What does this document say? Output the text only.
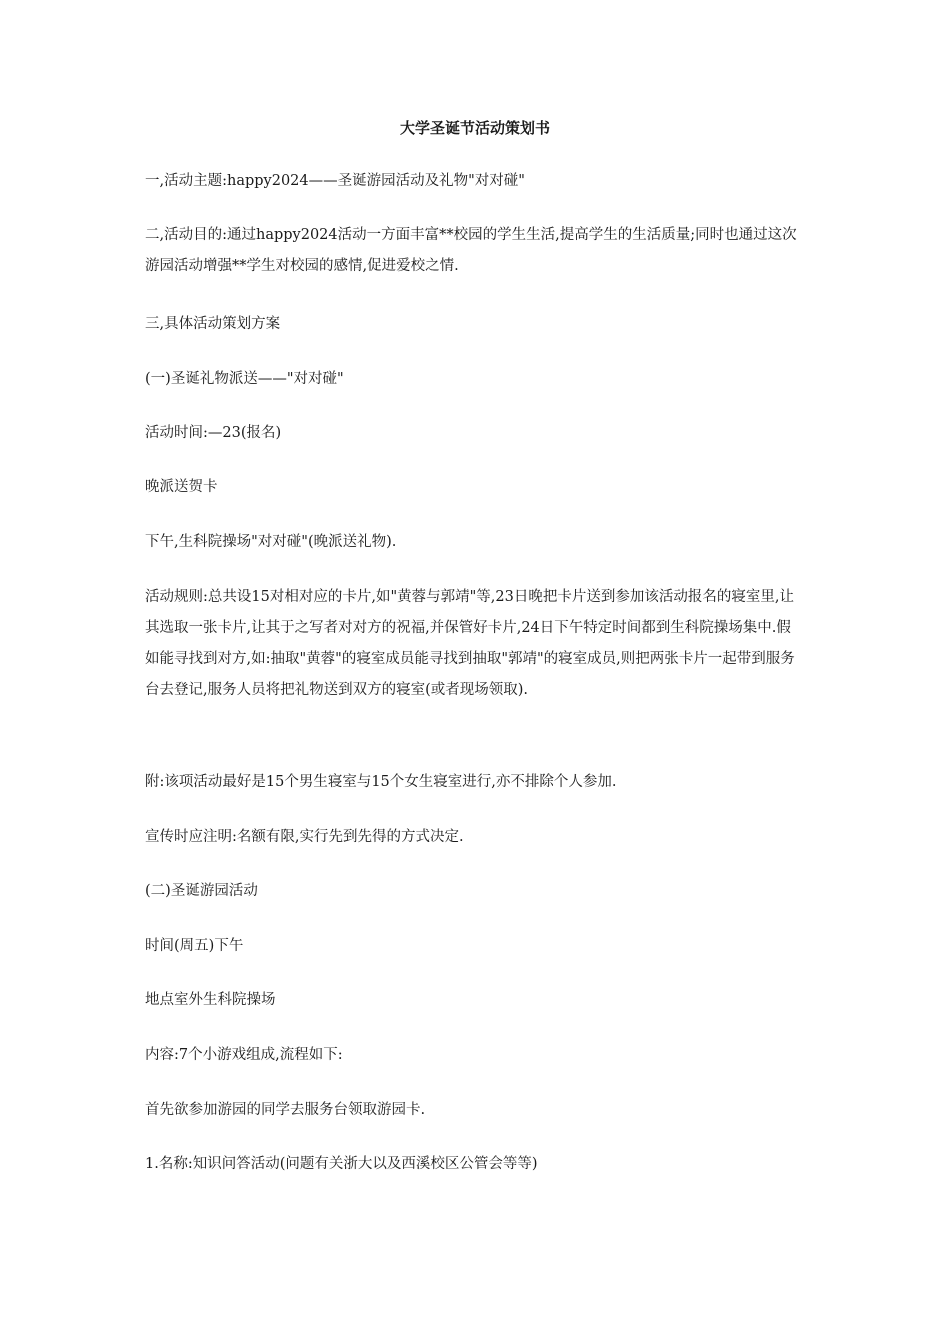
大学圣诞节活动策划书

一,活动主题:happy2024——圣诞游园活动及礼物"对对碰"

二,活动目的:通过happy2024活动一方面丰富**校园的学生生活,提高学生的生活质量;同时也通过这次游园活动增强**学生对校园的感情,促进爱校之情.

三,具体活动策划方案

(一)圣诞礼物派送——"对对碰"

活动时间:—23(报名)

晚派送贺卡

下午,生科院操场"对对碰"(晚派送礼物).

活动规则:总共设15对相对应的卡片,如"黄蓉与郭靖"等,23日晚把卡片送到参加该活动报名的寝室里,让其选取一张卡片,让其于之写者对对方的祝福,并保管好卡片,24日下午特定时间都到生科院操场集中.假如能寻找到对方,如:抽取"黄蓉"的寝室成员能寻找到抽取"郭靖"的寝室成员,则把两张卡片一起带到服务台去登记,服务人员将把礼物送到双方的寝室(或者现场领取).

附:该项活动最好是15个男生寝室与15个女生寝室进行,亦不排除个人参加.

宣传时应注明:名额有限,实行先到先得的方式决定.

(二)圣诞游园活动

时间(周五)下午

地点室外生科院操场

内容:7个小游戏组成,流程如下:

首先欲参加游园的同学去服务台领取游园卡.

1.名称:知识问答活动(问题有关浙大以及西溪校区公管会等等)
